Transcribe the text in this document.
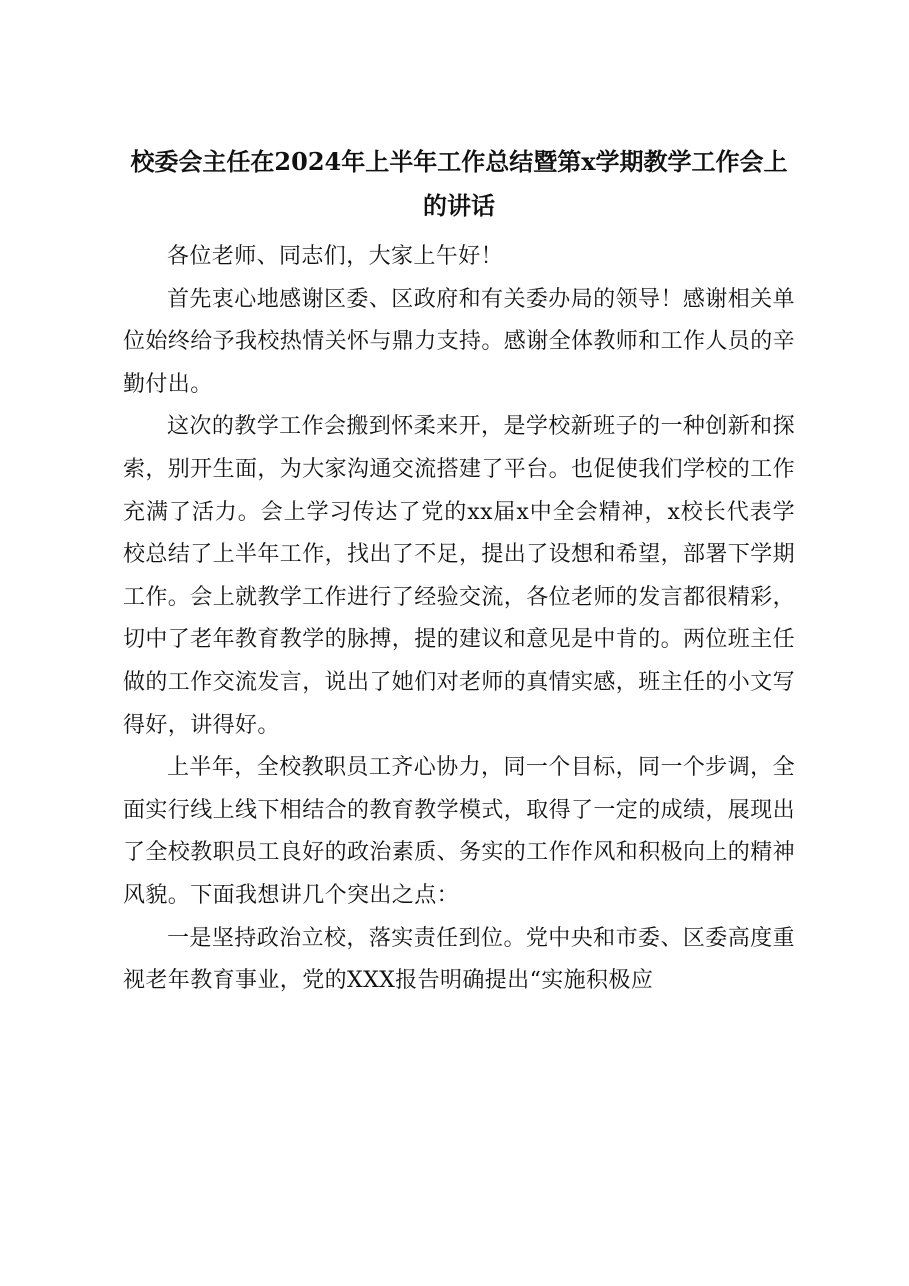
校委会主任在2024年上半年工作总结暨第x学期教学工作会上的讲话

各位老师、同志们，大家上午好！

首先衷心地感谢区委、区政府和有关委办局的领导！感谢相关单位始终给予我校热情关怀与鼎力支持。感谢全体教师和工作人员的辛勤付出。

这次的教学工作会搬到怀柔来开，是学校新班子的一种创新和探索，别开生面，为大家沟通交流搭建了平台。也促使我们学校的工作充满了活力。会上学习传达了党的xx届x中全会精神，x校长代表学校总结了上半年工作，找出了不足，提出了设想和希望，部署下学期工作。会上就教学工作进行了经验交流，各位老师的发言都很精彩，切中了老年教育教学的脉搏，提的建议和意见是中肯的。两位班主任做的工作交流发言，说出了她们对老师的真情实感，班主任的小文写得好，讲得好。

上半年，全校教职员工齐心协力，同一个目标，同一个步调，全面实行线上线下相结合的教育教学模式，取得了一定的成绩，展现出了全校教职员工良好的政治素质、务实的工作作风和积极向上的精神风貌。下面我想讲几个突出之点：

一是坚持政治立校，落实责任到位。党中央和市委、区委高度重视老年教育事业，党的XXX报告明确提出“实施积极应
